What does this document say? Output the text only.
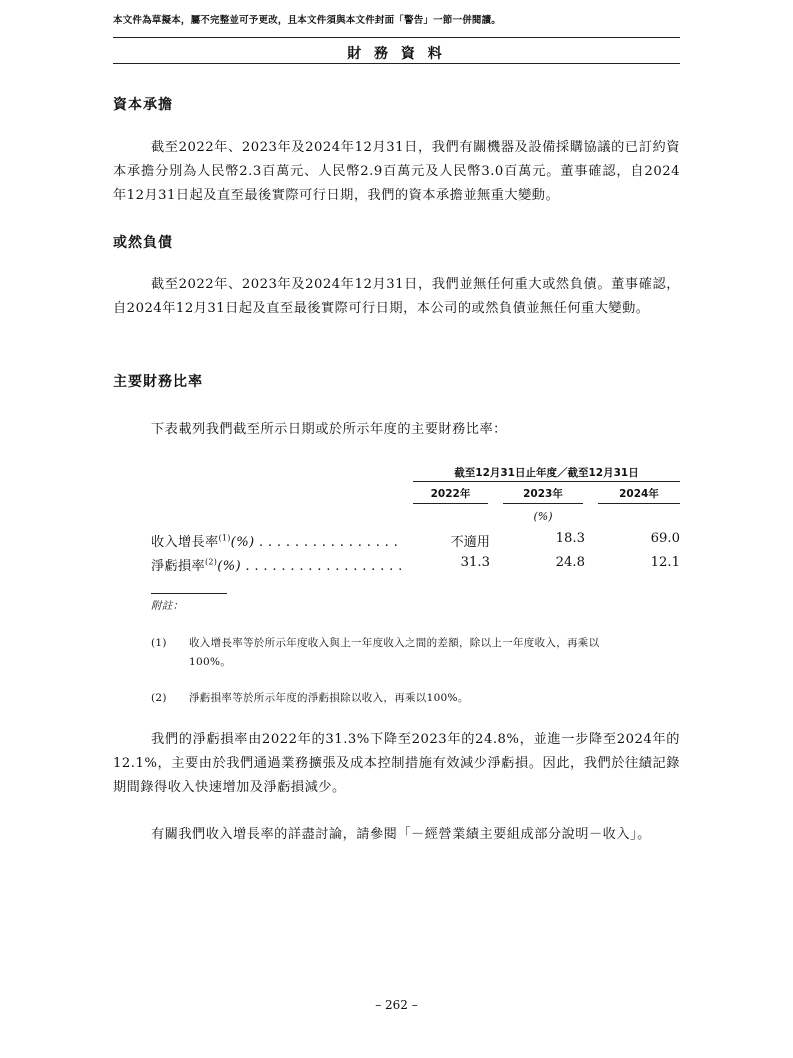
本文件為草擬本，屬不完整並可予更改，且本文件須與本文件封面「警告」一節一併閱讀。
財 務 資 料
資本承擔
截至2022年、2023年及2024年12月31日，我們有關機器及設備採購協議的已訂約資本承擔分別為人民幣2.3百萬元、人民幣2.9百萬元及人民幣3.0百萬元。董事確認，自2024年12月31日起及直至最後實際可行日期，我們的資本承擔並無重大變動。
或然負債
截至2022年、2023年及2024年12月31日，我們並無任何重大或然負債。董事確認，自2024年12月31日起及直至最後實際可行日期，本公司的或然負債並無任何重大變動。
主要財務比率
下表載列我們截至所示日期或於所示年度的主要財務比率：
截至12月31日止年度／截至12月31日
2022年	2023年	2024年
(%)
收入增長率$^{(1)}$(%) . . . . . . . . . . . . . . . .	不適用	18.3	69.0
淨虧損率$^{(2)}$(%) . . . . . . . . . . . . . . . . . .	31.3	24.8	12.1
附註：
(1) 收入增長率等於所示年度收入與上一年度收入之間的差額，除以上一年度收入，再乘以
100%。
(2) 淨虧損率等於所示年度的淨虧損除以收入，再乘以100%。
我們的淨虧損率由2022年的31.3%下降至2023年的24.8%，並進一步降至2024年的12.1%，主要由於我們通過業務擴張及成本控制措施有效減少淨虧損。因此，我們於往績記錄期間錄得收入快速增加及淨虧損減少。
有關我們收入增長率的詳盡討論，請參閱「－經營業績主要組成部分說明－收入」。
– 262 –
